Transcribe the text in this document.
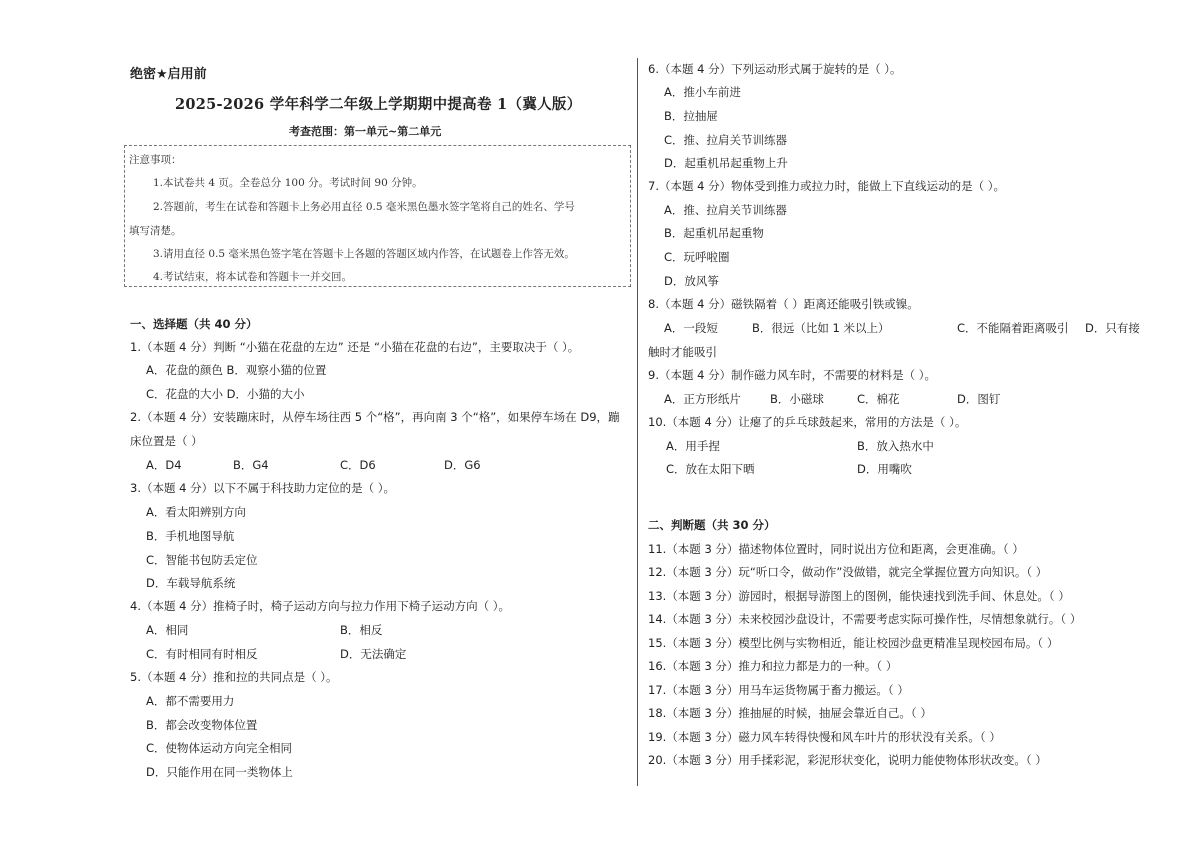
绝密★启用前
2025-2026 学年科学二年级上学期期中提高卷 1（冀人版）
考查范围：第一单元~第二单元
注意事项：
1.本试卷共 4 页。全卷总分 100 分。考试时间 90 分钟。
2.答题前，考生在试卷和答题卡上务必用直径 0.5 毫米黑色墨水签字笔将自己的姓名、学号
填写清楚。
3.请用直径 0.5 毫米黑色签字笔在答题卡上各题的答题区域内作答，在试题卷上作答无效。
4.考试结束，将本试卷和答题卡一并交回。
一、选择题（共 40 分）
1.（本题 4 分）判断 “小猫在花盘的左边” 还是 “小猫在花盘的右边”，主要取决于（ ）。
A．花盘的颜色 B．观察小猫的位置
C．花盘的大小 D．小猫的大小
2.（本题 4 分）安装蹦床时，从停车场往西 5 个“格”，再向南 3 个“格”，如果停车场在 D9，蹦
床位置是（ ）
A．D4	B．G4	C．D6	D．G6
3.（本题 4 分）以下不属于科技助力定位的是（ ）。
A．看太阳辨别方向
B．手机地图导航
C．智能书包防丢定位
D．车载导航系统
4.（本题 4 分）推椅子时，椅子运动方向与拉力作用下椅子运动方向（ ）。
A．相同	B．相反
C．有时相同有时相反	D．无法确定
5.（本题 4 分）推和拉的共同点是（ ）。
A．都不需要用力
B．都会改变物体位置
C．使物体运动方向完全相同
D．只能作用在同一类物体上
6.（本题 4 分）下列运动形式属于旋转的是（ ）。
A．推小车前进
B．拉抽屉
C．推、拉肩关节训练器
D．起重机吊起重物上升
7.（本题 4 分）物体受到推力或拉力时，能做上下直线运动的是（ ）。
A．推、拉肩关节训练器
B．起重机吊起重物
C．玩呼啦圈
D．放风筝
8.（本题 4 分）磁铁隔着（ ）距离还能吸引铁或镍。
A．一段短	B．很远（比如 1 米以上）	C．不能隔着距离吸引 D．只有接
触时才能吸引
9.（本题 4 分）制作磁力风车时，不需要的材料是（ ）。
A．正方形纸片	B．小磁球	C．棉花	D．图钉
10.（本题 4 分）让瘪了的乒乓球鼓起来，常用的方法是（ ）。
A．用手捏	B．放入热水中
C．放在太阳下晒	D．用嘴吹
二、判断题（共 30 分）
11.（本题 3 分）描述物体位置时，同时说出方位和距离，会更准确。（ ）
12.（本题 3 分）玩“听口令，做动作”没做错，就完全掌握位置方向知识。（ ）
13.（本题 3 分）游园时，根据导游图上的图例，能快速找到洗手间、休息处。（ ）
14.（本题 3 分）未来校园沙盘设计，不需要考虑实际可操作性，尽情想象就行。（ ）
15.（本题 3 分）模型比例与实物相近，能让校园沙盘更精准呈现校园布局。（ ）
16.（本题 3 分）推力和拉力都是力的一种。（ ）
17.（本题 3 分）用马车运货物属于畜力搬运。（ ）
18.（本题 3 分）推抽屉的时候，抽屉会靠近自己。（ ）
19.（本题 3 分）磁力风车转得快慢和风车叶片的形状没有关系。（ ）
20.（本题 3 分）用手揉彩泥，彩泥形状变化，说明力能使物体形状改变。（ ）
